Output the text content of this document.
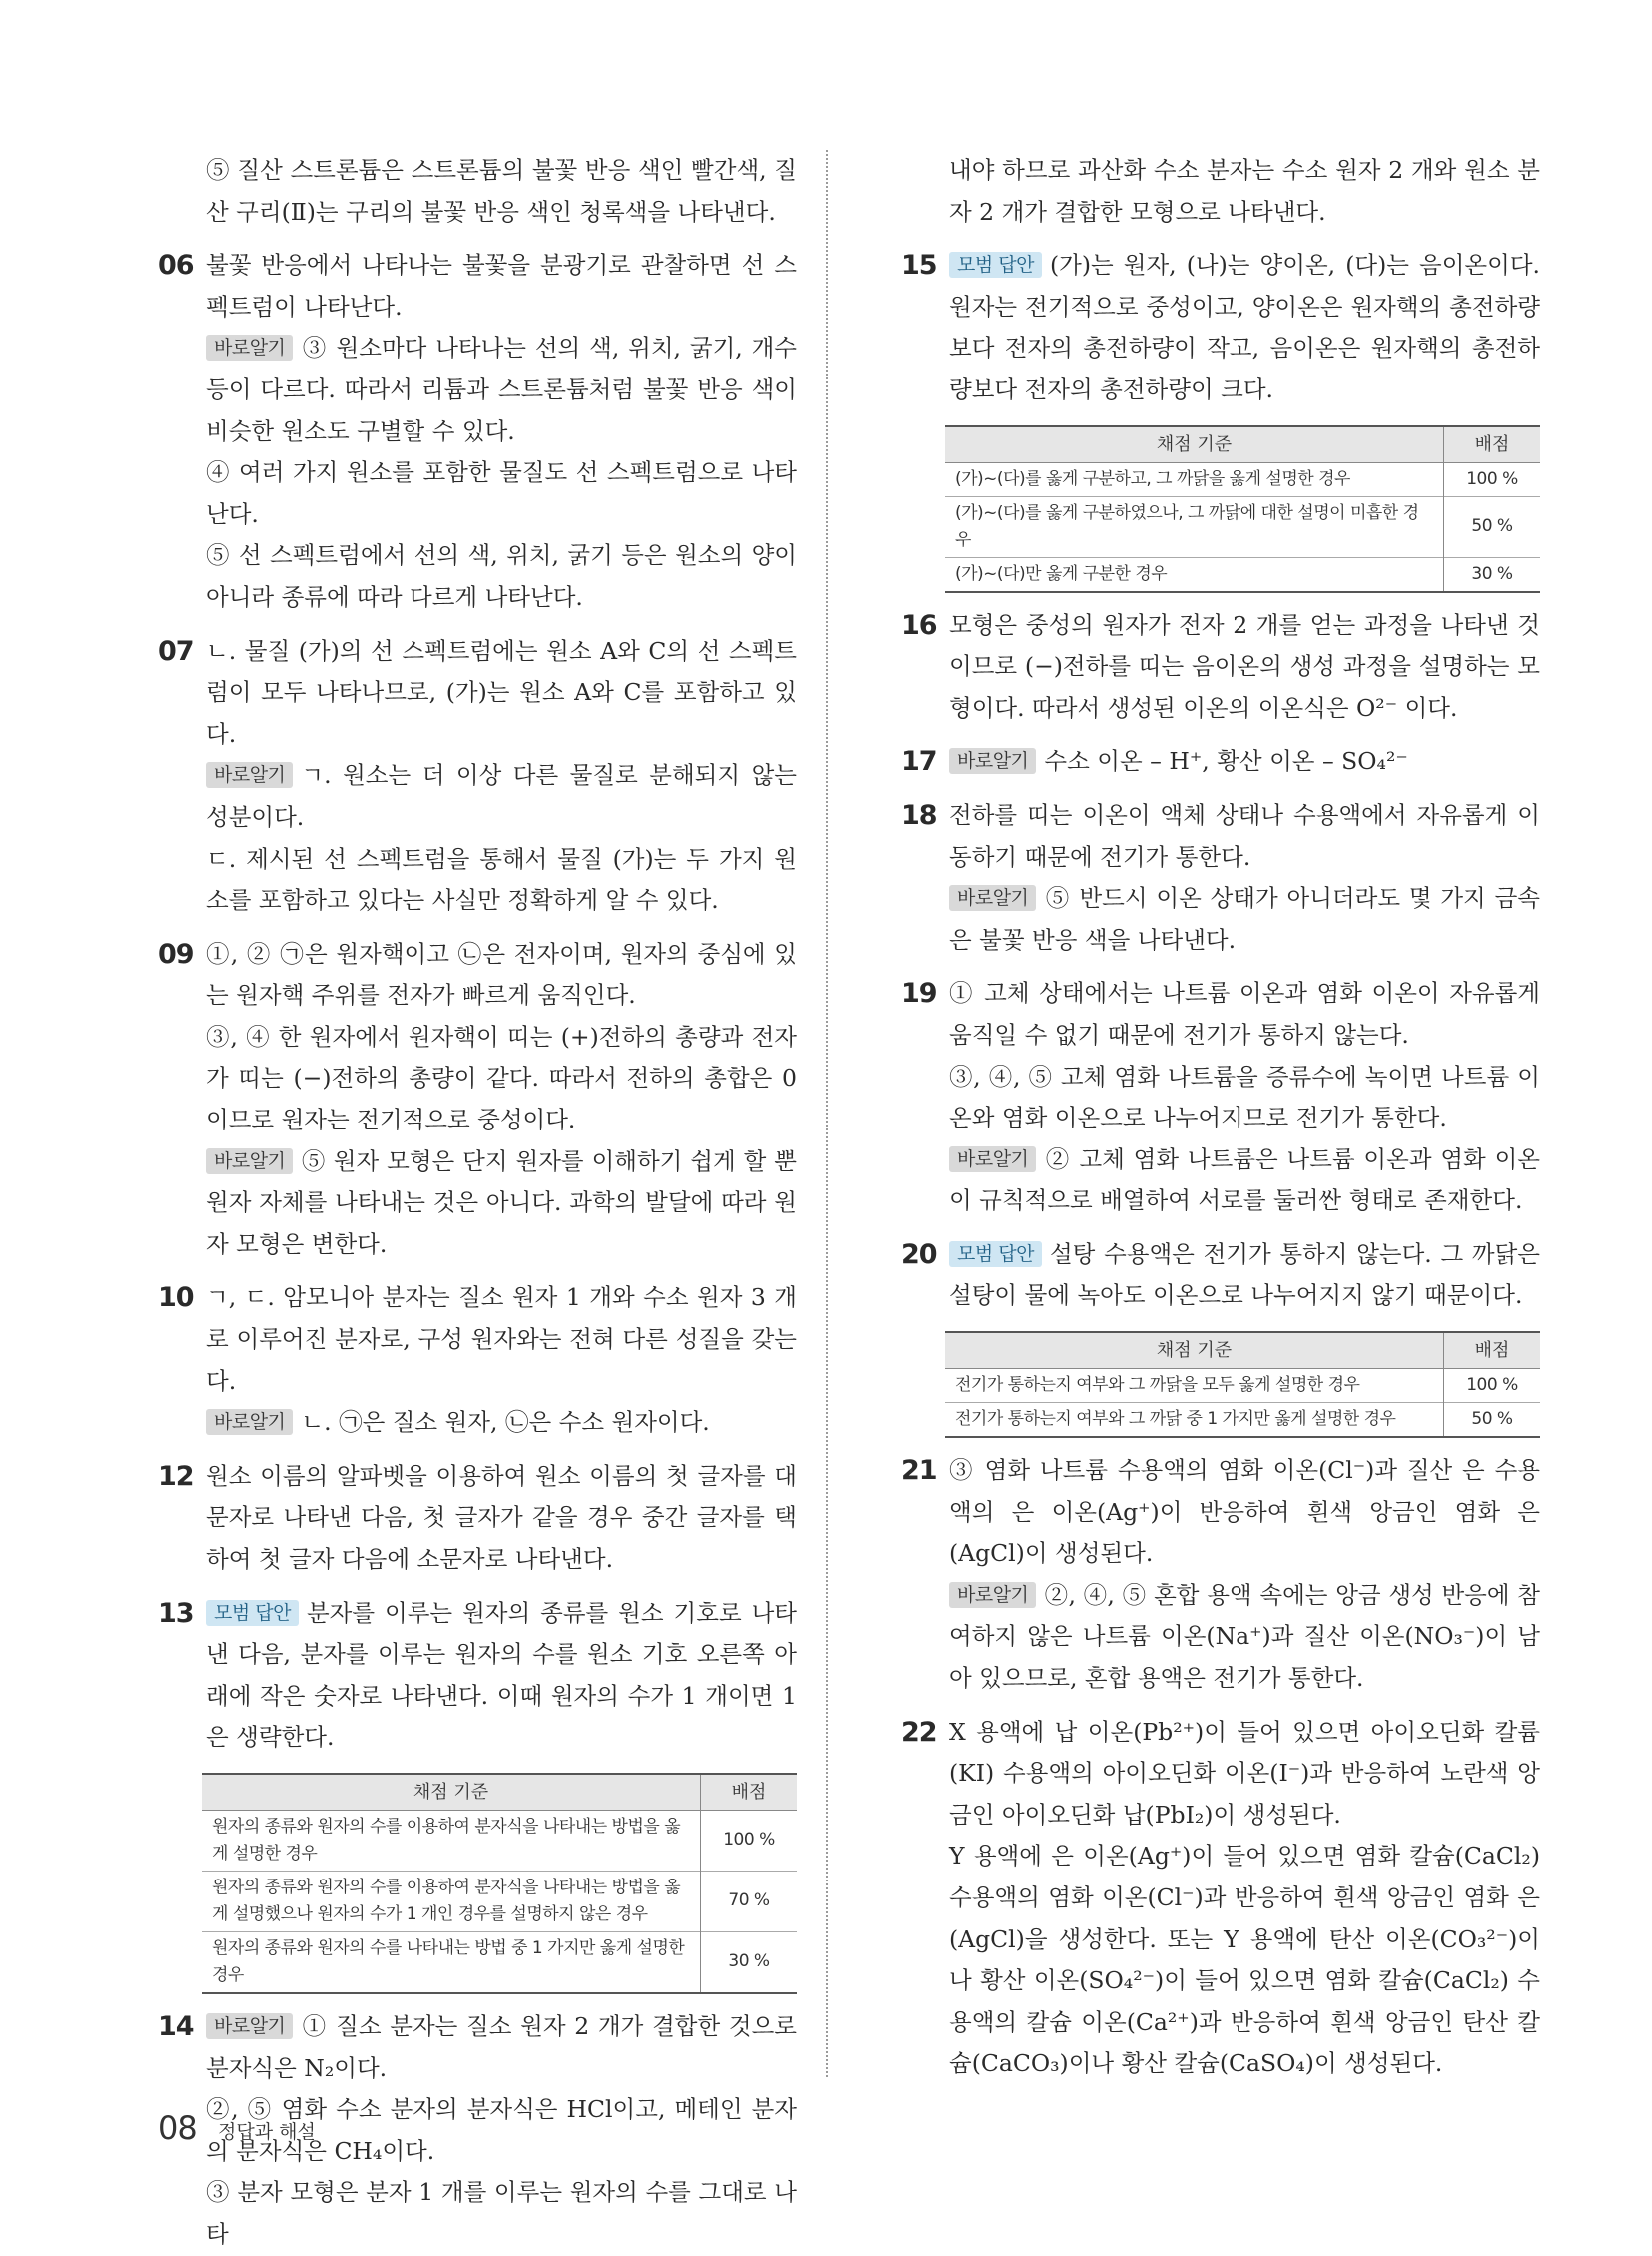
⑤ 질산 스트론튬은 스트론튬의 불꽃 반응 색인 빨간색, 질산 구리(Ⅱ)는 구리의 불꽃 반응 색인 청록색을 나타낸다.

06 불꽃 반응에서 나타나는 불꽃을 분광기로 관찰하면 선 스펙트럼이 나타난다.

바로알기 ③ 원소마다 나타나는 선의 색, 위치, 굵기, 개수 등이 다르다. 따라서 리튬과 스트론튬처럼 불꽃 반응 색이 비슷한 원소도 구별할 수 있다.

④ 여러 가지 원소를 포함한 물질도 선 스펙트럼으로 나타난다.

⑤ 선 스펙트럼에서 선의 색, 위치, 굵기 등은 원소의 양이 아니라 종류에 따라 다르게 나타난다.

07 ㄴ. 물질 (가)의 선 스펙트럼에는 원소 A와 C의 선 스펙트럼이 모두 나타나므로, (가)는 원소 A와 C를 포함하고 있다.

바로알기 ㄱ. 원소는 더 이상 다른 물질로 분해되지 않는 성분이다.

ㄷ. 제시된 선 스펙트럼을 통해서 물질 (가)는 두 가지 원소를 포함하고 있다는 사실만 정확하게 알 수 있다.

09 ①, ② ㉠은 원자핵이고 ㉡은 전자이며, 원자의 중심에 있는 원자핵 주위를 전자가 빠르게 움직인다.

③, ④ 한 원자에서 원자핵이 띠는 (+)전하의 총량과 전자가 띠는 (−)전하의 총량이 같다. 따라서 전하의 총합은 0이므로 원자는 전기적으로 중성이다.

바로알기 ⑤ 원자 모형은 단지 원자를 이해하기 쉽게 할 뿐 원자 자체를 나타내는 것은 아니다. 과학의 발달에 따라 원자 모형은 변한다.

10 ㄱ, ㄷ. 암모니아 분자는 질소 원자 1 개와 수소 원자 3 개로 이루어진 분자로, 구성 원자와는 전혀 다른 성질을 갖는다.

바로알기 ㄴ. ㉠은 질소 원자, ㉡은 수소 원자이다.

12 원소 이름의 알파벳을 이용하여 원소 이름의 첫 글자를 대문자로 나타낸 다음, 첫 글자가 같을 경우 중간 글자를 택하여 첫 글자 다음에 소문자로 나타낸다.

13	모범 답안 분자를 이루는 원자의 종류를 원소 기호로 나타낸 다음, 분자를 이루는 원자의 수를 원소 기호 오른쪽 아래에 작은 숫자로 나타낸다. 이때 원자의 수가 1 개이면 1은 생략한다.

채점 기준	배점
원자의 종류와 원자의 수를 이용하여 분자식을 나타내는 방법을 옳게 설명한 경우	100 %
원자의 종류와 원자의 수를 이용하여 분자식을 나타내는 방법을 옳게 설명했으나 원자의 수가 1 개인 경우를 설명하지 않은 경우	70 %
원자의 종류와 원자의 수를 나타내는 방법 중 1 가지만 옳게 설명한 경우	30 %
14	바로알기 ① 질소 분자는 질소 원자 2 개가 결합한 것으로 분자식은 N₂이다.

②, ⑤ 염화 수소 분자의 분자식은 HCl이고, 메테인 분자의 분자식은 CH₄이다.

③ 분자 모형은 분자 1 개를 이루는 원자의 수를 그대로 나타

내야 하므로 과산화 수소 분자는 수소 원자 2 개와 원소 분자 2 개가 결합한 모형으로 나타낸다.

15	모범 답안 (가)는 원자, (나)는 양이온, (다)는 음이온이다. 원자는 전기적으로 중성이고, 양이온은 원자핵의 총전하량보다 전자의 총전하량이 작고, 음이온은 원자핵의 총전하량보다 전자의 총전하량이 크다.

채점 기준	배점
(가)~(다)를 옳게 구분하고, 그 까닭을 옳게 설명한 경우	100 %
(가)~(다)를 옳게 구분하였으나, 그 까닭에 대한 설명이 미흡한 경우	50 %
(가)~(다)만 옳게 구분한 경우	30 %
16 모형은 중성의 원자가 전자 2 개를 얻는 과정을 나타낸 것이므로 (−)전하를 띠는 음이온의 생성 과정을 설명하는 모형이다. 따라서 생성된 이온의 이온식은 O²⁻ 이다.

17	바로알기 수소 이온 – H⁺, 황산 이온 – SO₄²⁻

18 전하를 띠는 이온이 액체 상태나 수용액에서 자유롭게 이동하기 때문에 전기가 통한다.

바로알기 ⑤ 반드시 이온 상태가 아니더라도 몇 가지 금속은 불꽃 반응 색을 나타낸다.

19 ① 고체 상태에서는 나트륨 이온과 염화 이온이 자유롭게 움직일 수 없기 때문에 전기가 통하지 않는다.

③, ④, ⑤ 고체 염화 나트륨을 증류수에 녹이면 나트륨 이온와 염화 이온으로 나누어지므로 전기가 통한다.

바로알기 ② 고체 염화 나트륨은 나트륨 이온과 염화 이온이 규칙적으로 배열하여 서로를 둘러싼 형태로 존재한다.

20	모범 답안 설탕 수용액은 전기가 통하지 않는다. 그 까닭은 설탕이 물에 녹아도 이온으로 나누어지지 않기 때문이다.

채점 기준	배점
전기가 통하는지 여부와 그 까닭을 모두 옳게 설명한 경우	100 %
전기가 통하는지 여부와 그 까닭 중 1 가지만 옳게 설명한 경우	50 %
21 ③ 염화 나트륨 수용액의 염화 이온(Cl⁻)과 질산 은 수용액의 은 이온(Ag⁺)이 반응하여 흰색 앙금인 염화 은(AgCl)이 생성된다.

바로알기 ②, ④, ⑤ 혼합 용액 속에는 앙금 생성 반응에 참여하지 않은 나트륨 이온(Na⁺)과 질산 이온(NO₃⁻)이 남아 있으므로, 혼합 용액은 전기가 통한다.

22 X 용액에 납 이온(Pb²⁺)이 들어 있으면 아이오딘화 칼륨(KI) 수용액의 아이오딘화 이온(I⁻)과 반응하여 노란색 앙금인 아이오딘화 납(PbI₂)이 생성된다.

Y 용액에 은 이온(Ag⁺)이 들어 있으면 염화 칼슘(CaCl₂) 수용액의 염화 이온(Cl⁻)과 반응하여 흰색 앙금인 염화 은(AgCl)을 생성한다. 또는 Y 용액에 탄산 이온(CO₃²⁻)이나 황산 이온(SO₄²⁻)이 들어 있으면 염화 칼슘(CaCl₂) 수용액의 칼슘 이온(Ca²⁺)과 반응하여 흰색 앙금인 탄산 칼슘(CaCO₃)이나 황산 칼슘(CaSO₄)이 생성된다.

08 정답과 해설
